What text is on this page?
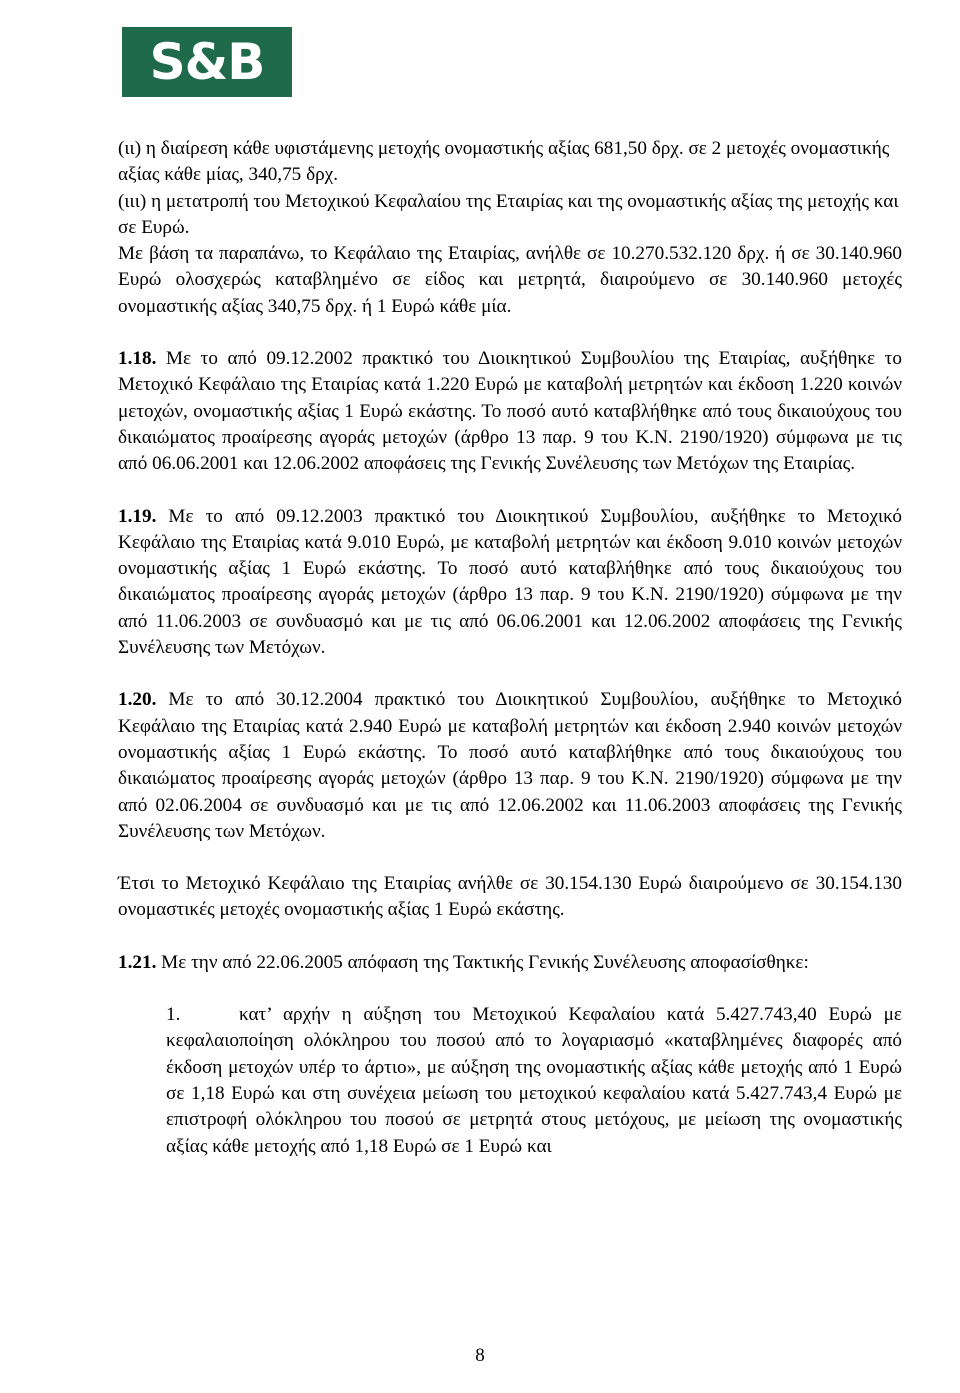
S&B

(ιι) η διαίρεση κάθε υφιστάμενης μετοχής ονομαστικής αξίας 681,50 δρχ. σε 2 μετοχές ονομαστικής αξίας κάθε μίας, 340,75 δρχ.

(ιιι) η μετατροπή του Μετοχικού Κεφαλαίου της Εταιρίας και της ονομαστικής αξίας της μετοχής και σε Ευρώ.

Με βάση τα παραπάνω, το Κεφάλαιο της Εταιρίας, ανήλθε σε 10.270.532.120 δρχ. ή σε 30.140.960 Ευρώ ολοσχερώς καταβλημένο σε είδος και μετρητά, διαιρούμενο σε 30.140.960 μετοχές ονομαστικής αξίας 340,75 δρχ. ή 1 Ευρώ κάθε μία.

1.18. Με το από 09.12.2002 πρακτικό του Διοικητικού Συμβουλίου της Εταιρίας, αυξήθηκε το Μετοχικό Κεφάλαιο της Εταιρίας κατά 1.220 Ευρώ με καταβολή μετρητών και έκδοση 1.220 κοινών μετοχών, ονομαστικής αξίας 1 Ευρώ εκάστης. Το ποσό αυτό καταβλήθηκε από τους δικαιούχους του δικαιώματος προαίρεσης αγοράς μετοχών (άρθρο 13 παρ. 9 του Κ.Ν. 2190/1920) σύμφωνα με τις από 06.06.2001 και 12.06.2002 αποφάσεις της Γενικής Συνέλευσης των Μετόχων της Εταιρίας.

1.19. Με το από 09.12.2003 πρακτικό του Διοικητικού Συμβουλίου, αυξήθηκε το Μετοχικό Κεφάλαιο της Εταιρίας κατά 9.010 Ευρώ, με καταβολή μετρητών και έκδοση 9.010 κοινών μετοχών ονομαστικής αξίας 1 Ευρώ εκάστης. Το ποσό αυτό καταβλήθηκε από τους δικαιούχους του δικαιώματος προαίρεσης αγοράς μετοχών (άρθρο 13 παρ. 9 του Κ.Ν. 2190/1920) σύμφωνα με την από 11.06.2003 σε συνδυασμό και με τις από 06.06.2001 και 12.06.2002 αποφάσεις της Γενικής Συνέλευσης των Μετόχων.

1.20. Με το από 30.12.2004 πρακτικό του Διοικητικού Συμβουλίου, αυξήθηκε το Μετοχικό Κεφάλαιο της Εταιρίας κατά 2.940 Ευρώ με καταβολή μετρητών και έκδοση 2.940 κοινών μετοχών ονομαστικής αξίας 1 Ευρώ εκάστης. Το ποσό αυτό καταβλήθηκε από τους δικαιούχους του δικαιώματος προαίρεσης αγοράς μετοχών (άρθρο 13 παρ. 9 του Κ.Ν. 2190/1920) σύμφωνα με την από 02.06.2004 σε συνδυασμό και με τις από 12.06.2002 και 11.06.2003 αποφάσεις της Γενικής Συνέλευσης των Μετόχων.

Έτσι το Μετοχικό Κεφάλαιο της Εταιρίας ανήλθε σε 30.154.130 Ευρώ διαιρούμενο σε 30.154.130 ονομαστικές μετοχές ονομαστικής αξίας 1 Ευρώ εκάστης.

1.21. Με την από 22.06.2005 απόφαση της Τακτικής Γενικής Συνέλευσης αποφασίσθηκε:

1.	κατ’ αρχήν η αύξηση του Μετοχικού Κεφαλαίου κατά 5.427.743,40 Ευρώ με κεφαλαιοποίηση ολόκληρου του ποσού από το λογαριασμό «καταβλημένες διαφορές από έκδοση μετοχών υπέρ το άρτιο», με αύξηση της ονομαστικής αξίας κάθε μετοχής από 1 Ευρώ σε 1,18 Ευρώ και στη συνέχεια μείωση του μετοχικού κεφαλαίου κατά 5.427.743,4 Ευρώ με επιστροφή ολόκληρου του ποσού σε μετρητά στους μετόχους, με μείωση της ονομαστικής αξίας κάθε μετοχής από 1,18 Ευρώ σε 1 Ευρώ και

8
